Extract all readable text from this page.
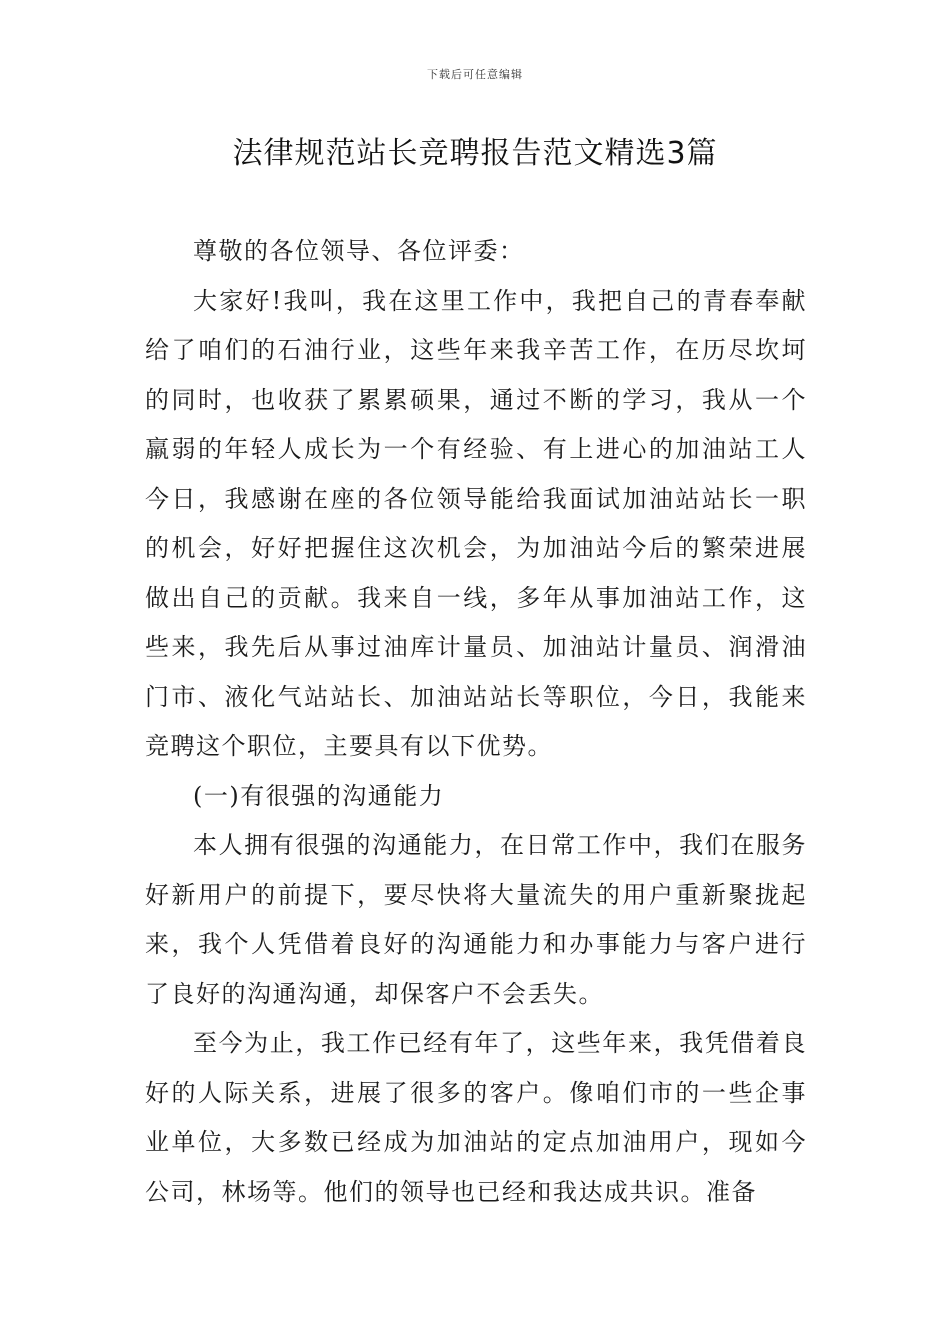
下载后可任意编辑
法律规范站长竞聘报告范文精选3篇

尊敬的各位领导、各位评委：

大家好!我叫，我在这里工作中，我把自己的青春奉献给了咱们的石油行业，这些年来我辛苦工作，在历尽坎坷的同时，也收获了累累硕果，通过不断的学习，我从一个羸弱的年轻人成长为一个有经验、有上进心的加油站工人今日，我感谢在座的各位领导能给我面试加油站站长一职的机会，好好把握住这次机会，为加油站今后的繁荣进展做出自己的贡献。我来自一线，多年从事加油站工作，这些来，我先后从事过油库计量员、加油站计量员、润滑油门市、液化气站站长、加油站站长等职位，今日，我能来竞聘这个职位，主要具有以下优势。

(一)有很强的沟通能力

本人拥有很强的沟通能力，在日常工作中，我们在服务好新用户的前提下，要尽快将大量流失的用户重新聚拢起来，我个人凭借着良好的沟通能力和办事能力与客户进行了良好的沟通沟通，却保客户不会丢失。

至今为止，我工作已经有年了，这些年来，我凭借着良好的人际关系，进展了很多的客户。像咱们市的一些企事业单位，大多数已经成为加油站的定点加油用户，现如今公司，林场等。他们的领导也已经和我达成共识。准备
